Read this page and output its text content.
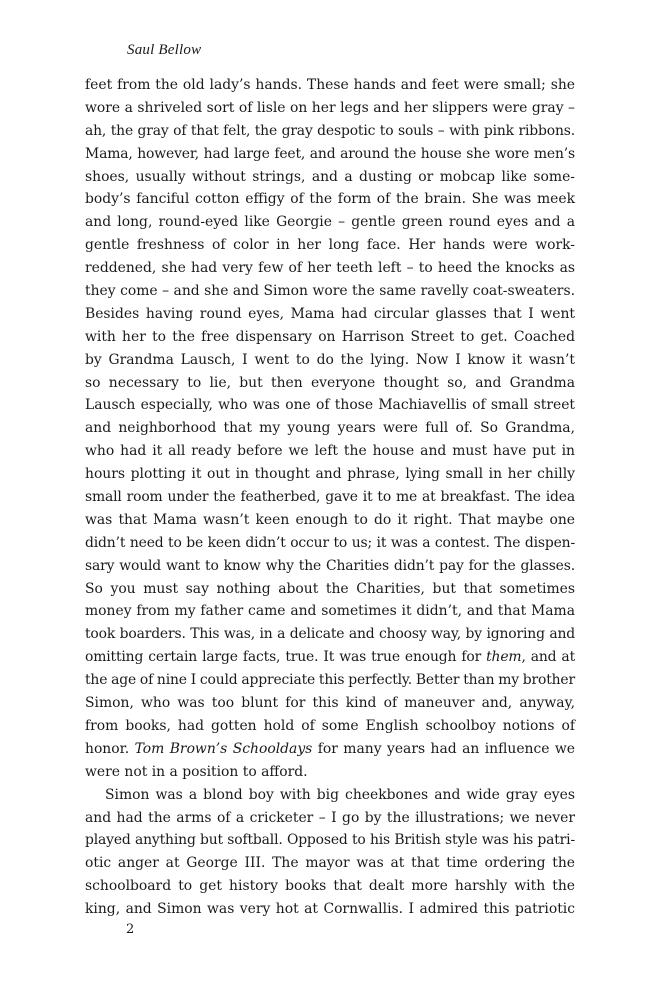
Saul Bellow
feet from the old lady’s hands. These hands and feet were small; she
wore a shriveled sort of lisle on her legs and her slippers were gray –
ah, the gray of that felt, the gray despotic to souls – with pink ribbons.
Mama, however, had large feet, and around the house she wore men’s
shoes, usually without strings, and a dusting or mobcap like some-
body’s fanciful cotton effigy of the form of the brain. She was meek
and long, round-eyed like Georgie – gentle green round eyes and a
gentle freshness of color in her long face. Her hands were work-
reddened, she had very few of her teeth left – to heed the knocks as
they come – and she and Simon wore the same ravelly coat-sweaters.
Besides having round eyes, Mama had circular glasses that I went
with her to the free dispensary on Harrison Street to get. Coached
by Grandma Lausch, I went to do the lying. Now I know it wasn’t
so necessary to lie, but then everyone thought so, and Grandma
Lausch especially, who was one of those Machiavellis of small street
and neighborhood that my young years were full of. So Grandma,
who had it all ready before we left the house and must have put in
hours plotting it out in thought and phrase, lying small in her chilly
small room under the featherbed, gave it to me at breakfast. The idea
was that Mama wasn’t keen enough to do it right. That maybe one
didn’t need to be keen didn’t occur to us; it was a contest. The dispen-
sary would want to know why the Charities didn’t pay for the glasses.
So you must say nothing about the Charities, but that sometimes
money from my father came and sometimes it didn’t, and that Mama
took boarders. This was, in a delicate and choosy way, by ignoring and
omitting certain large facts, true. It was true enough for them, and at
the age of nine I could appreciate this perfectly. Better than my brother
Simon, who was too blunt for this kind of maneuver and, anyway,
from books, had gotten hold of some English schoolboy notions of
honor. Tom Brown’s Schooldays for many years had an influence we
were not in a position to afford.
Simon was a blond boy with big cheekbones and wide gray eyes
and had the arms of a cricketer – I go by the illustrations; we never
played anything but softball. Opposed to his British style was his patri-
otic anger at George III. The mayor was at that time ordering the
schoolboard to get history books that dealt more harshly with the
king, and Simon was very hot at Cornwallis. I admired this patriotic
2
